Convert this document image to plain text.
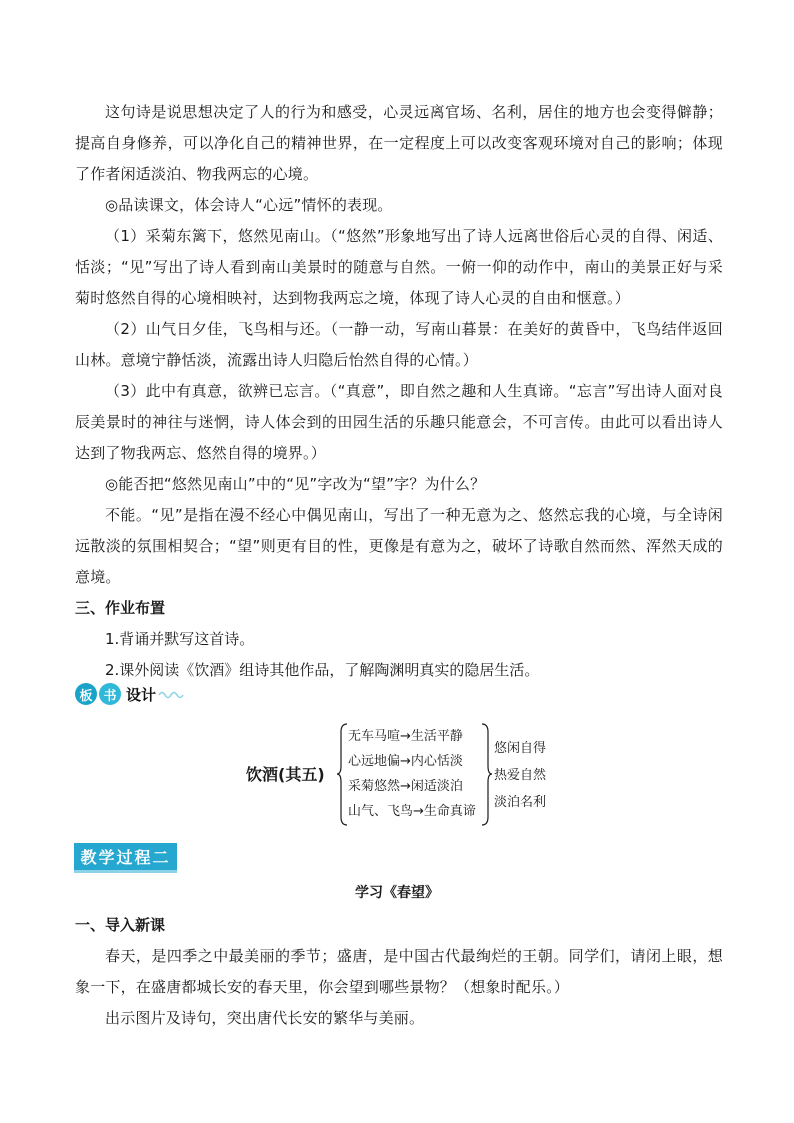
这句诗是说思想决定了人的行为和感受，心灵远离官场、名利，居住的地方也会变得僻静；提高自身修养，可以净化自己的精神世界，在一定程度上可以改变客观环境对自己的影响；体现了作者闲适淡泊、物我两忘的心境。

◎品读课文，体会诗人“心远”情怀的表现。

（1）采菊东篱下，悠然见南山。（“悠然”形象地写出了诗人远离世俗后心灵的自得、闲适、恬淡；“见”写出了诗人看到南山美景时的随意与自然。一俯一仰的动作中，南山的美景正好与采菊时悠然自得的心境相映衬，达到物我两忘之境，体现了诗人心灵的自由和惬意。）

（2）山气日夕佳，飞鸟相与还。（一静一动，写南山暮景：在美好的黄昏中，飞鸟结伴返回山林。意境宁静恬淡，流露出诗人归隐后怡然自得的心情。）

（3）此中有真意，欲辨已忘言。（“真意”，即自然之趣和人生真谛。“忘言”写出诗人面对良辰美景时的神往与迷惘，诗人体会到的田园生活的乐趣只能意会，不可言传。由此可以看出诗人达到了物我两忘、悠然自得的境界。）

◎能否把“悠然见南山”中的“见”字改为“望”字？为什么？

不能。“见”是指在漫不经心中偶见南山，写出了一种无意为之、悠然忘我的心境，与全诗闲远散淡的氛围相契合；“望”则更有目的性，更像是有意为之，破坏了诗歌自然而然、浑然天成的意境。

三、作业布置

1.背诵并默写这首诗。

2.课外阅读《饮酒》组诗其他作品，了解陶渊明真实的隐居生活。

板 书 设计
饮酒(其五)
无车马喧→生活平静
心远地偏→内心恬淡
采菊悠然→闲适淡泊
山气、飞鸟→生命真谛
悠闲自得
热爱自然
淡泊名利
教学过程二
学习《春望》

一、导入新课

春天，是四季之中最美丽的季节；盛唐，是中国古代最绚烂的王朝。同学们，请闭上眼，想象一下，在盛唐都城长安的春天里，你会望到哪些景物？（想象时配乐。）

出示图片及诗句，突出唐代长安的繁华与美丽。
